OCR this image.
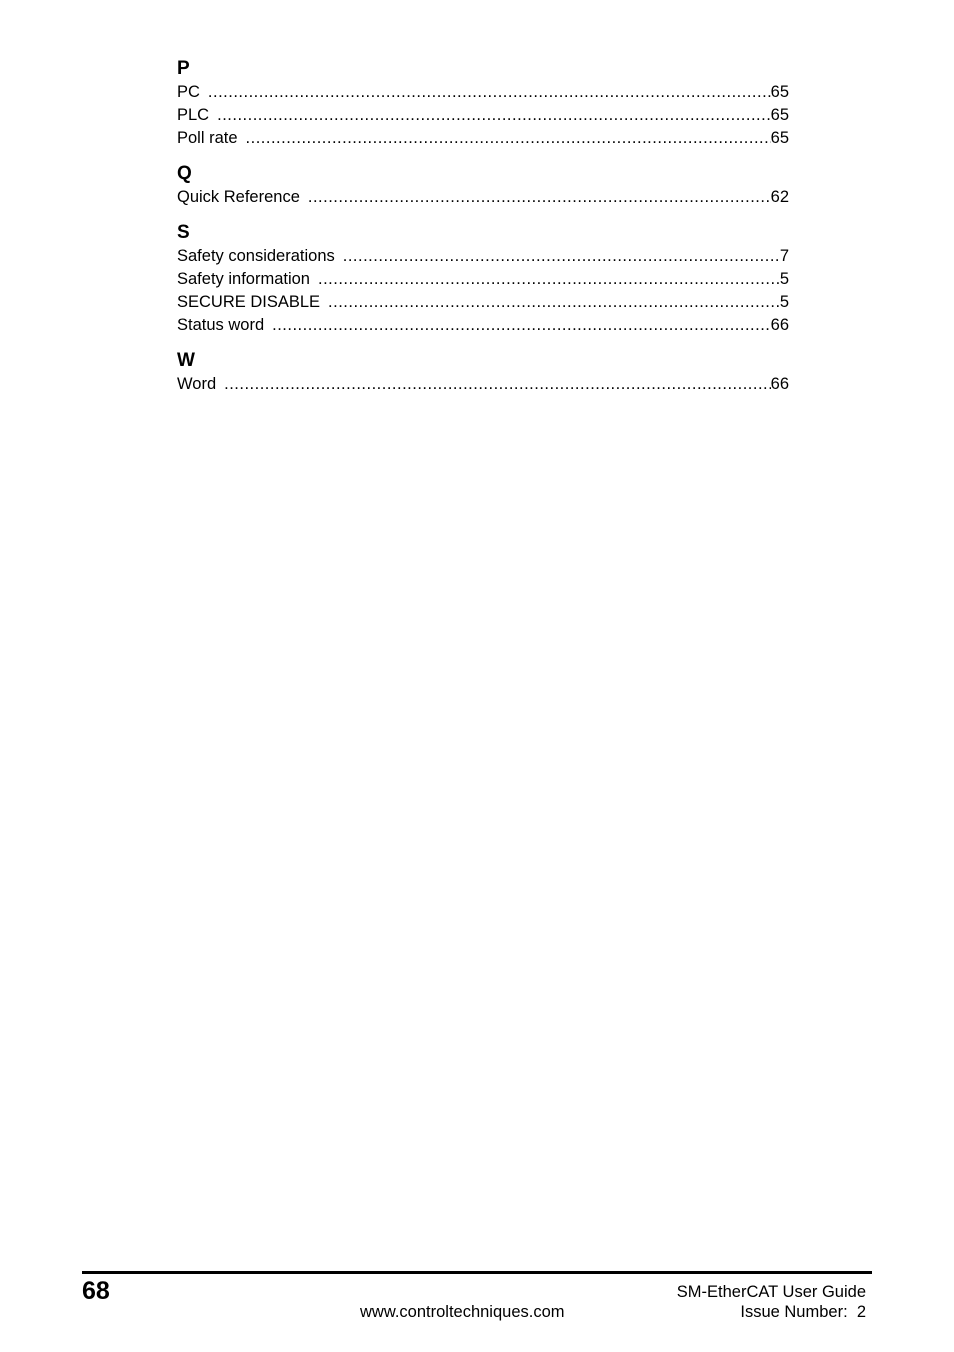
P
PC .....	65
PLC .....	65
Poll rate .....	65
Q
Quick Reference .....	62
S
Safety considerations .....	7
Safety information .....	5
SECURE DISABLE .....	5
Status word .....	66
W
Word .....	66
68
www.controltechniques.com
SM-EtherCAT User Guide
Issue Number:  2
